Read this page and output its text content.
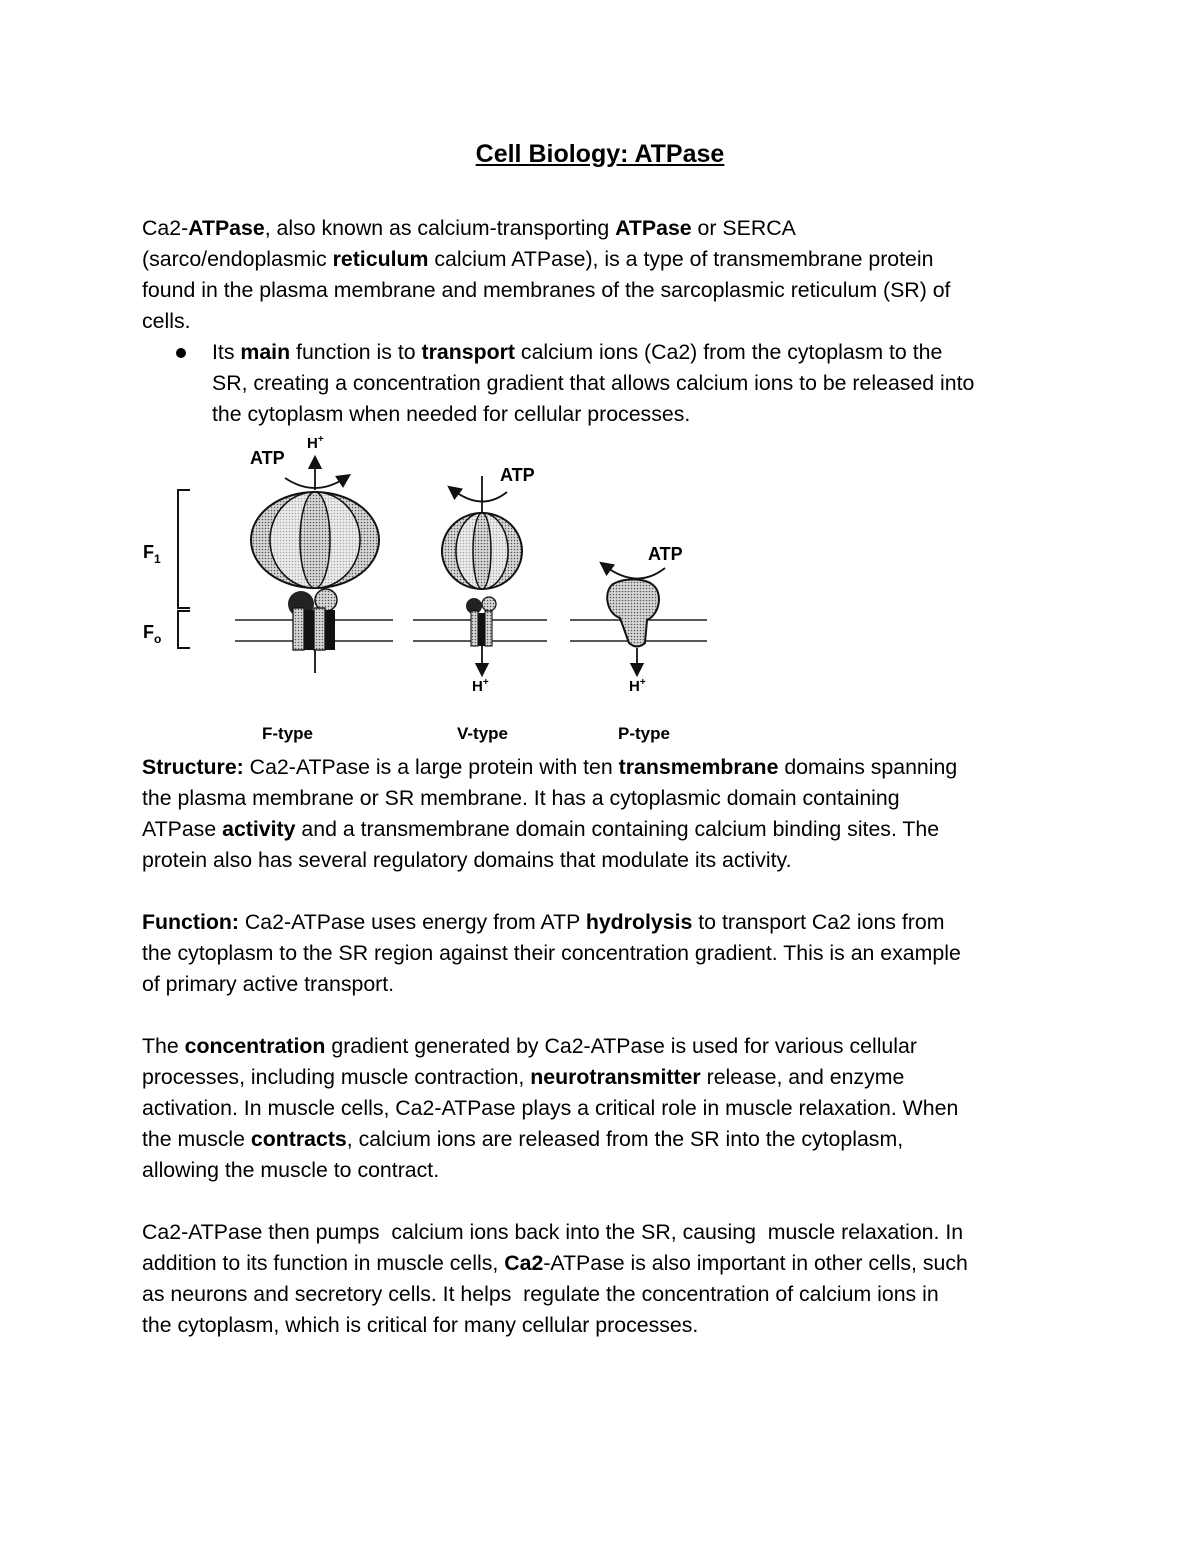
Cell Biology: ATPase
Ca2-ATPase, also known as calcium-transporting ATPase or SERCA
(sarco/endoplasmic reticulum calcium ATPase), is a type of transmembrane protein
found in the plasma membrane and membranes of the sarcoplasmic reticulum (SR) of
cells.
Its main function is to transport calcium ions (Ca2) from the cytoplasm to the
SR, creating a concentration gradient that allows calcium ions to be released into
the cytoplasm when needed for cellular processes.
$F_1$
$F_o$
ATP
H+
ATP
H+
ATP
H+
F-type	V-type	P-type
Structure: Ca2-ATPase is a large protein with ten transmembrane domains spanning
the plasma membrane or SR membrane. It has a cytoplasmic domain containing
ATPase activity and a transmembrane domain containing calcium binding sites. The
protein also has several regulatory domains that modulate its activity.
Function: Ca2-ATPase uses energy from ATP hydrolysis to transport Ca2 ions from
the cytoplasm to the SR region against their concentration gradient. This is an example
of primary active transport.
The concentration gradient generated by Ca2-ATPase is used for various cellular
processes, including muscle contraction, neurotransmitter release, and enzyme
activation. In muscle cells, Ca2-ATPase plays a critical role in muscle relaxation. When
the muscle contracts, calcium ions are released from the SR into the cytoplasm,
allowing the muscle to contract.
Ca2-ATPase then pumps  calcium ions back into the SR, causing  muscle relaxation. In
addition to its function in muscle cells, Ca2-ATPase is also important in other cells, such
as neurons and secretory cells. It helps  regulate the concentration of calcium ions in
the cytoplasm, which is critical for many cellular processes.
